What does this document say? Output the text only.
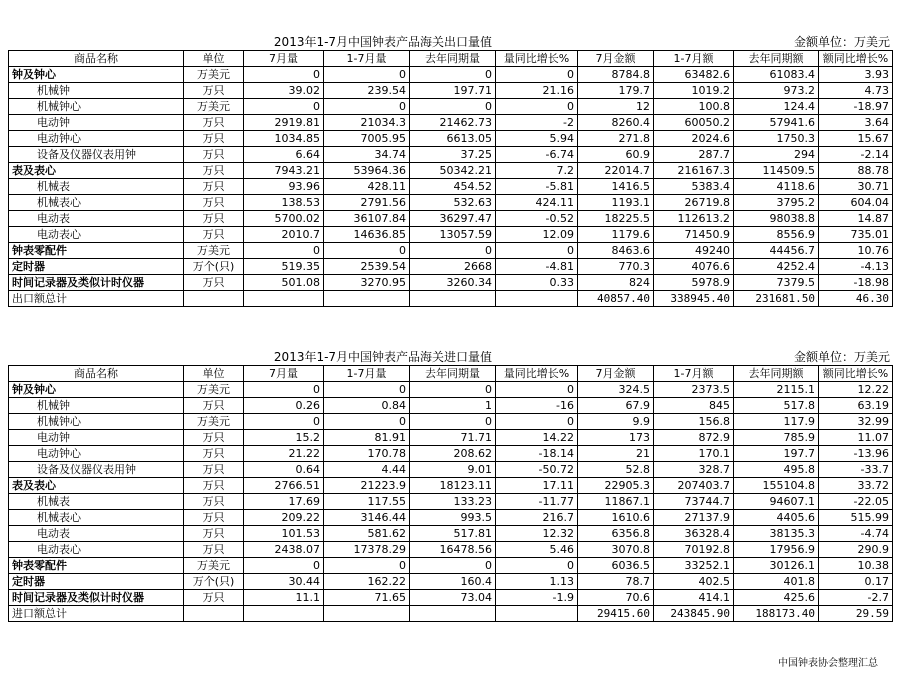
2013年1-7月中国钟表产品海关出口量值	金额单位：万美元
商品名称	单位	7月量	1-7月量	去年同期量	量同比增长%	7月金额	1-7月额	去年同期额	额同比增长%
钟及钟心	万美元	0	0	0	0	8784.8	63482.6	61083.4	3.93
机械钟	万只	39.02	239.54	197.71	21.16	179.7	1019.2	973.2	4.73
机械钟心	万美元	0	0	0	0	12	100.8	124.4	-18.97
电动钟	万只	2919.81	21034.3	21462.73	-2	8260.4	60050.2	57941.6	3.64
电动钟心	万只	1034.85	7005.95	6613.05	5.94	271.8	2024.6	1750.3	15.67
设备及仪器仪表用钟	万只	6.64	34.74	37.25	-6.74	60.9	287.7	294	-2.14
表及表心	万只	7943.21	53964.36	50342.21	7.2	22014.7	216167.3	114509.5	88.78
机械表	万只	93.96	428.11	454.52	-5.81	1416.5	5383.4	4118.6	30.71
机械表心	万只	138.53	2791.56	532.63	424.11	1193.1	26719.8	3795.2	604.04
电动表	万只	5700.02	36107.84	36297.47	-0.52	18225.5	112613.2	98038.8	14.87
电动表心	万只	2010.7	14636.85	13057.59	12.09	1179.6	71450.9	8556.9	735.01
钟表零配件	万美元	0	0	0	0	8463.6	49240	44456.7	10.76
定时器	万个(只)	519.35	2539.54	2668	-4.81	770.3	4076.6	4252.4	-4.13
时间记录器及类似计时仪器	万只	501.08	3270.95	3260.34	0.33	824	5978.9	7379.5	-18.98
出口额总计						40857.40	338945.40	231681.50	46.30
2013年1-7月中国钟表产品海关进口量值	金额单位：万美元
商品名称	单位	7月量	1-7月量	去年同期量	量同比增长%	7月金额	1-7月额	去年同期额	额同比增长%
钟及钟心	万美元	0	0	0	0	324.5	2373.5	2115.1	12.22
机械钟	万只	0.26	0.84	1	-16	67.9	845	517.8	63.19
机械钟心	万美元	0	0	0	0	9.9	156.8	117.9	32.99
电动钟	万只	15.2	81.91	71.71	14.22	173	872.9	785.9	11.07
电动钟心	万只	21.22	170.78	208.62	-18.14	21	170.1	197.7	-13.96
设备及仪器仪表用钟	万只	0.64	4.44	9.01	-50.72	52.8	328.7	495.8	-33.7
表及表心	万只	2766.51	21223.9	18123.11	17.11	22905.3	207403.7	155104.8	33.72
机械表	万只	17.69	117.55	133.23	-11.77	11867.1	73744.7	94607.1	-22.05
机械表心	万只	209.22	3146.44	993.5	216.7	1610.6	27137.9	4405.6	515.99
电动表	万只	101.53	581.62	517.81	12.32	6356.8	36328.4	38135.3	-4.74
电动表心	万只	2438.07	17378.29	16478.56	5.46	3070.8	70192.8	17956.9	290.9
钟表零配件	万美元	0	0	0	0	6036.5	33252.1	30126.1	10.38
定时器	万个(只)	30.44	162.22	160.4	1.13	78.7	402.5	401.8	0.17
时间记录器及类似计时仪器	万只	11.1	71.65	73.04	-1.9	70.6	414.1	425.6	-2.7
进口额总计						29415.60	243845.90	188173.40	29.59
中国钟表协会整理汇总
